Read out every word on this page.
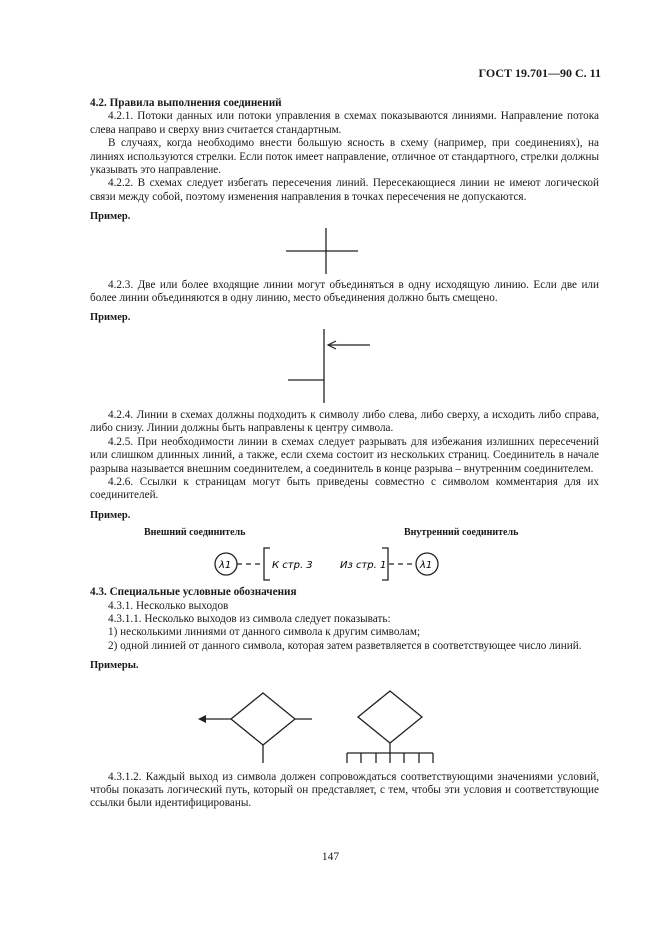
ГОСТ 19.701—90 С. 11
4.2. Правила выполнения соединений

4.2.1. Потоки данных или потоки управления в схемах показываются линиями. Направление потока слева направо и сверху вниз считается стандартным.

В случаях, когда необходимо внести большую ясность в схему (например, при соединениях), на линиях используются стрелки. Если поток имеет направление, отличное от стандартного, стрелки должны указывать это направление.

4.2.2. В схемах следует избегать пересечения линий. Пересекающиеся линии не имеют логической связи между собой, поэтому изменения направления в точках пересечения не допускаются.

Пример.

4.2.3. Две или более входящие линии могут объединяться в одну исходящую линию. Если две или более линии объединяются в одну линию, место объединения должно быть смещено.

Пример.

4.2.4. Линии в схемах должны подходить к символу либо слева, либо сверху, а исходить либо справа, либо снизу. Линии должны быть направлены к центру символа.

4.2.5. При необходимости линии в схемах следует разрывать для избежания излишних пересечений или слишком длинных линий, а также, если схема состоит из нескольких страниц. Соединитель в начале разрыва называется внешним соединителем, а соединитель в конце разрыва – внутренним соединителем.

4.2.6. Ссылки к страницам могут быть приведены совместно с символом комментария для их соединителей.

Пример.

Внешний соединитель	Внутренний соединитель
λ1	К стр. 3	Из стр. 1	λ1
4.3. Специальные условные обозначения

4.3.1. Несколько выходов

4.3.1.1. Несколько выходов из символа следует показывать:

1) несколькими линиями от данного символа к другим символам;

2) одной линией от данного символа, которая затем разветвляется в соответствующее число линий.

Примеры.

4.3.1.2. Каждый выход из символа должен сопровождаться соответствующими значениями условий, чтобы показать логический путь, который он представляет, с тем, чтобы эти условия и соответствующие ссылки были идентифицированы.

147
